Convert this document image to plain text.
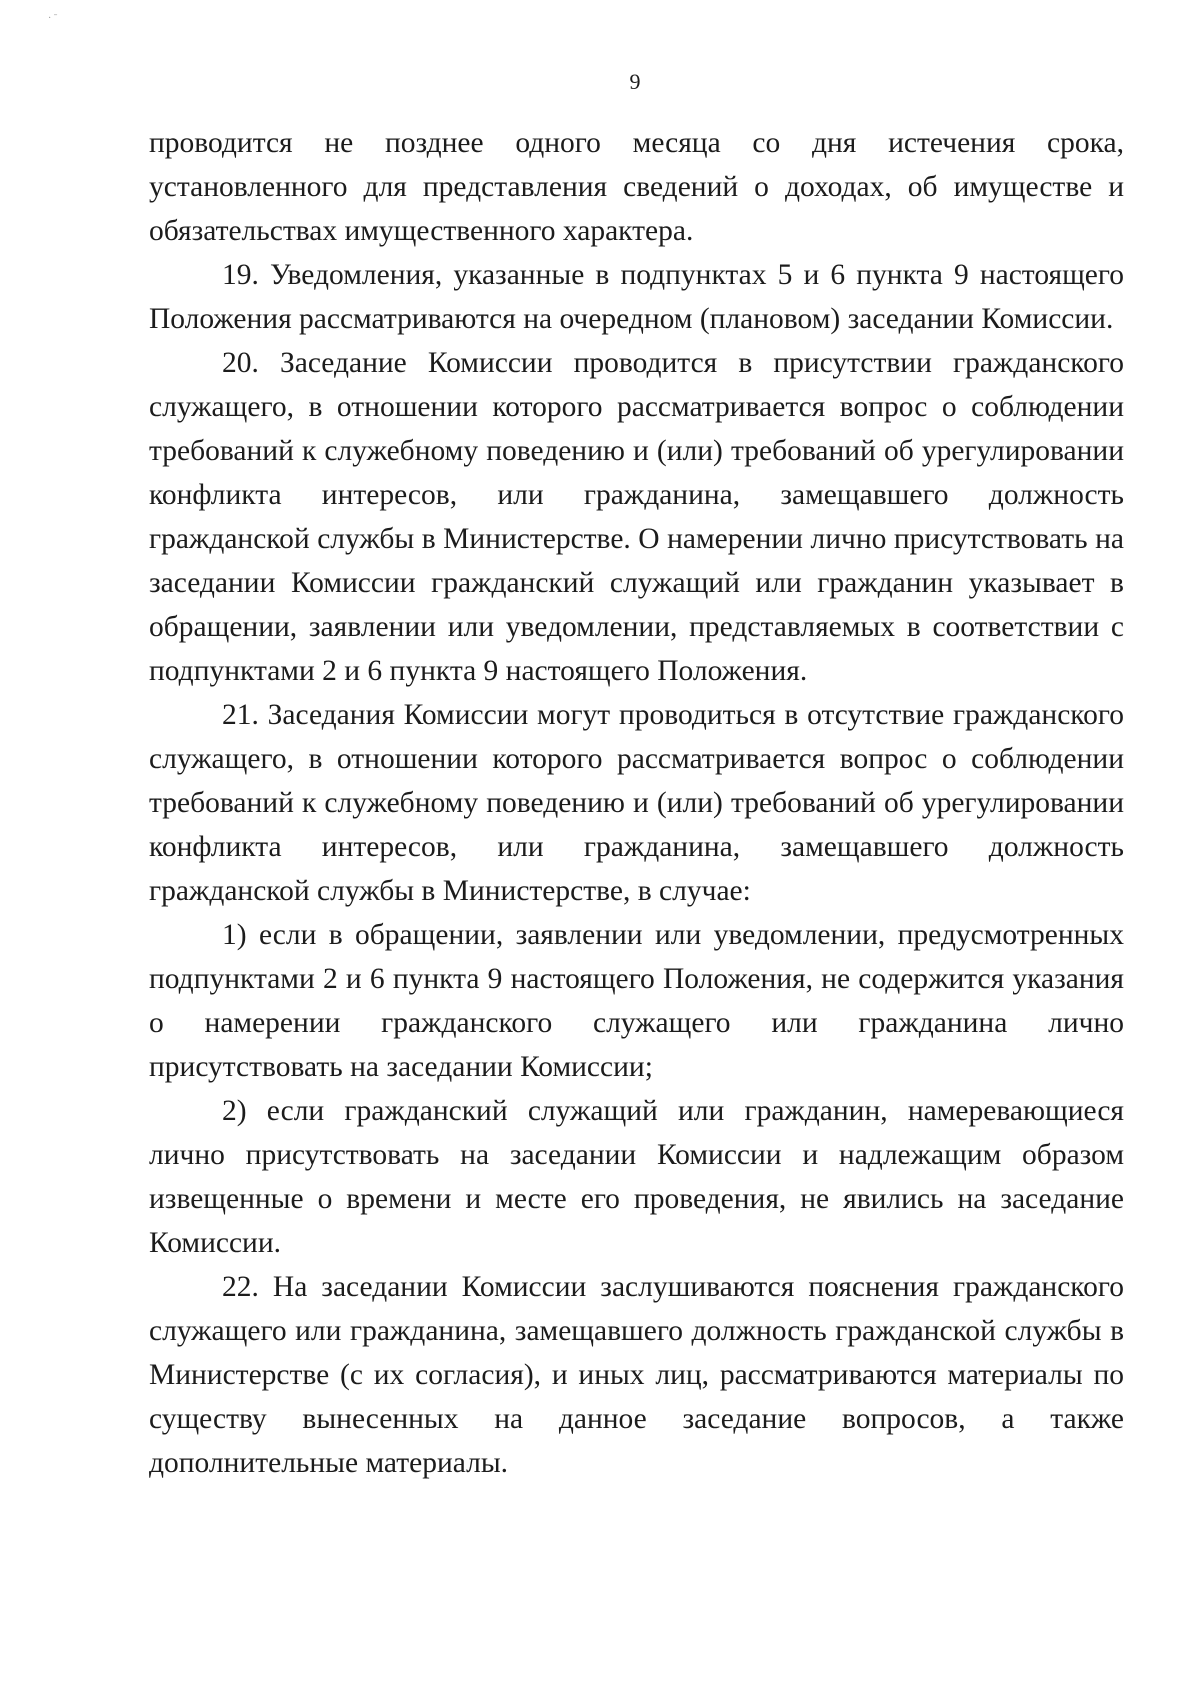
· ˉ
9

проводится не позднее одного месяца со дня истечения срока, установленного для представления сведений о доходах, об имуществе и обязательствах имущественного характера.

19. Уведомления, указанные в подпунктах 5 и 6 пункта 9 настоящего Положения рассматриваются на очередном (плановом) заседании Комиссии.

20. Заседание Комиссии проводится в присутствии гражданского служащего, в отношении которого рассматривается вопрос о соблюдении требований к служебному поведению и (или) требований об урегулировании конфликта интересов, или гражданина, замещавшего должность гражданской службы в Министерстве. О намерении лично присутствовать на заседании Комиссии гражданский служащий или гражданин указывает в обращении, заявлении или уведомлении, представляемых в соответствии с подпунктами 2 и 6 пункта 9 настоящего Положения.

21. Заседания Комиссии могут проводиться в отсутствие гражданского служащего, в отношении которого рассматривается вопрос о соблюдении требований к служебному поведению и (или) требований об урегулировании конфликта интересов, или гражданина, замещавшего должность гражданской службы в Министерстве, в случае:

1) если в обращении, заявлении или уведомлении, предусмотренных подпунктами 2 и 6 пункта 9 настоящего Положения, не содержится указания о намерении гражданского служащего или гражданина лично присутствовать на заседании Комиссии;

2) если гражданский служащий или гражданин, намеревающиеся лично присутствовать на заседании Комиссии и надлежащим образом извещенные о времени и месте его проведения, не явились на заседание Комиссии.

22. На заседании Комиссии заслушиваются пояснения гражданского служащего или гражданина, замещавшего должность гражданской службы в Министерстве (с их согласия), и иных лиц, рассматриваются материалы по существу вынесенных на данное заседание вопросов, а также дополнительные материалы.
